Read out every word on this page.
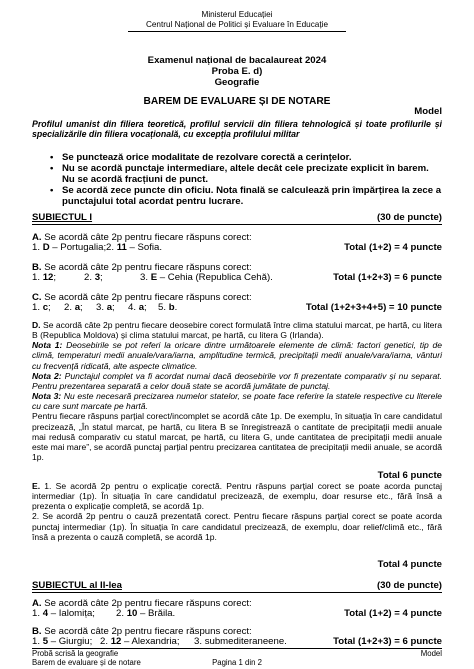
Ministerul Educației
Centrul Național de Politici și Evaluare în Educație
Examenul național de bacalaureat 2024
Proba E. d)
Geografie
BAREM DE EVALUARE ȘI DE NOTARE
Model
Profilul umanist din filiera teoretică, profilul servicii din filiera tehnologică și toate profilurile și specializările din filiera vocațională, cu excepția profilului militar
• Se punctează orice modalitate de rezolvare corectă a cerințelor.
• Nu se acordă punctaje intermediare, altele decât cele precizate explicit în barem. Nu se acordă fracțiuni de punct.
• Se acordă zece puncte din oficiu. Nota finală se calculează prin împărțirea la zece a punctajului total acordat pentru lucrare.
SUBIECTUL I	(30 de puncte)
A. Se acordă câte 2p pentru fiecare răspuns corect:
1. D – Portugalia; 2. 11 – Sofia.	Total (1+2) = 4 puncte
B. Se acordă câte 2p pentru fiecare răspuns corect:
1. 12;	2. 3;	3. E – Cehia (Republica Cehă).	Total (1+2+3) = 6 puncte
C. Se acordă câte 2p pentru fiecare răspuns corect:
1. c; 2. a; 3. a; 4. a; 5. b.	Total (1+2+3+4+5) = 10 puncte

D. Se acordă câte 2p pentru fiecare deosebire corect formulată între clima statului marcat, pe hartă, cu litera B (Republica Moldova) și clima statului marcat, pe hartă, cu litera G (Irlanda).

Nota 1: Deosebirile se pot referi la oricare dintre următoarele elemente de climă: factori genetici, tip de climă, temperaturi medii anuale/vara/iarna, amplitudine termică, precipitații medii anuale/vara/iarna, vânturi cu frecvență ridicată, alte aspecte climatice.

Nota 2: Punctajul complet va fi acordat numai dacă deosebirile vor fi prezentate comparativ și nu separat. Pentru prezentarea separată a celor două state se acordă jumătate de punctaj.

Nota 3: Nu este necesară precizarea numelor statelor, se poate face referire la statele respective cu literele cu care sunt marcate pe hartă.

Pentru fiecare răspuns parțial corect/incomplet se acordă câte 1p. De exemplu, în situația în care candidatul precizează, „În statul marcat, pe hartă, cu litera B se înregistrează o cantitate de precipitații medii anuale mai redusă comparativ cu statul marcat, pe hartă, cu litera G, unde cantitatea de precipitații medii anuale este mai mare”, se acordă punctaj parțial pentru precizarea cantitatea de precipitații medii anuale, se acordă 1p.

Total 6 puncte

E. 1. Se acordă 2p pentru o explicație corectă. Pentru răspuns parțial corect se poate acorda punctaj intermediar (1p). În situația în care candidatul precizează, de exemplu, doar resurse etc., fără însă a prezenta o explicație completă, se acordă 1p.

2. Se acordă 2p pentru o cauză prezentată corect. Pentru fiecare răspuns parțial corect se poate acorda punctaj intermediar (1p). În situația în care candidatul precizează, de exemplu, doar relief/climă etc., fără însă a prezenta o cauză completă, se acordă 1p.

Total 4 puncte
SUBIECTUL al II-lea	(30 de puncte)
A. Se acordă câte 2p pentru fiecare răspuns corect:
1. 4 – Ialomița; 2. 10 – Brăila.	Total (1+2) = 4 puncte
B. Se acordă câte 2p pentru fiecare răspuns corect:
1. 5 – Giurgiu; 2. 12 – Alexandria; 3. submediteraneene.	Total (1+2+3) = 6 puncte
Probă scrisă la geografie
Barem de evaluare și de notare
Model
Pagina 1 din 2
